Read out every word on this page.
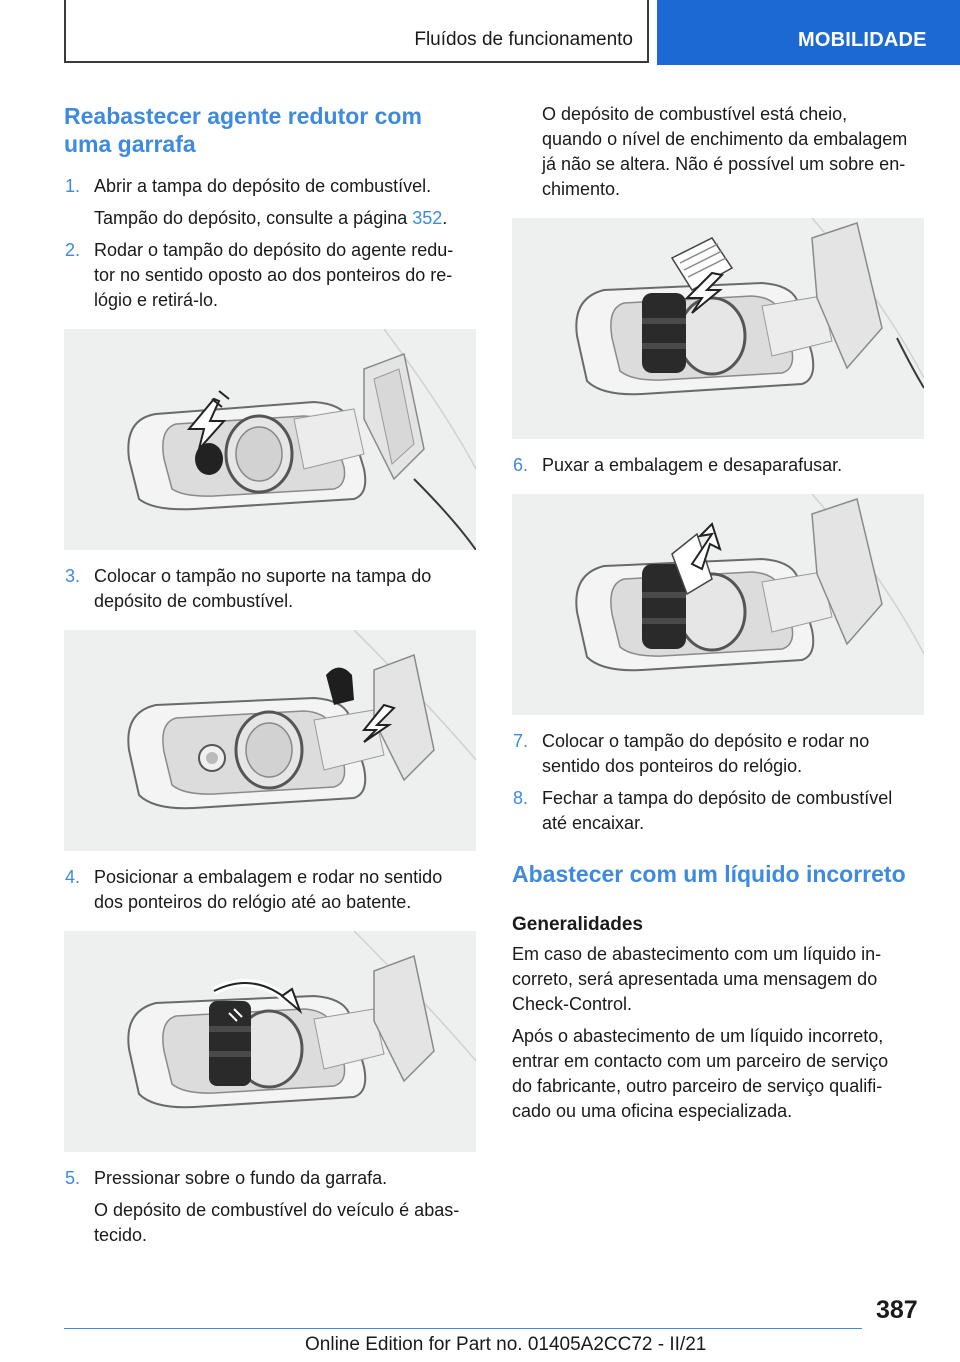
Fluídos de funcionamento	MOBILIDADE
Reabastecer agente redutor com
uma garrafa
1. Abrir a tampa do depósito de combustível.
Tampão do depósito, consulte a página 352.
2. Rodar o tampão do depósito do agente redu-
tor no sentido oposto ao dos ponteiros do re-
lógio e retirá-lo.
3. Colocar o tampão no suporte na tampa do
depósito de combustível.
4. Posicionar a embalagem e rodar no sentido
dos ponteiros do relógio até ao batente.
5. Pressionar sobre o fundo da garrafa.
O depósito de combustível do veículo é abas-
tecido.
O depósito de combustível está cheio,
quando o nível de enchimento da embalagem
já não se altera. Não é possível um sobre en-
chimento.
6. Puxar a embalagem e desaparafusar.
7. Colocar o tampão do depósito e rodar no
sentido dos ponteiros do relógio.
8. Fechar a tampa do depósito de combustível
até encaixar.
Abastecer com um líquido incorreto
Generalidades
Em caso de abastecimento com um líquido in-
correto, será apresentada uma mensagem do
Check-Control.
Após o abastecimento de um líquido incorreto,
entrar em contacto com um parceiro de serviço
do fabricante, outro parceiro de serviço qualifi-
cado ou uma oficina especializada.
387
Online Edition for Part no. 01405A2CC72 - II/21
